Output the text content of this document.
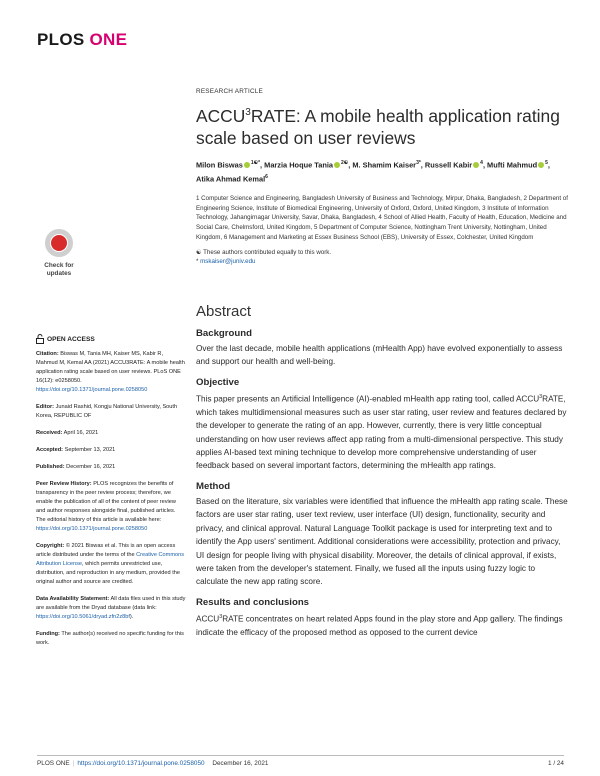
PLOS ONE
RESEARCH ARTICLE
ACCU$^3$RATE: A mobile health application rating scale based on user reviews
Milon Biswas $^{1☯*}$, Marzia Hoque Tania $^{2☯}$, M. Shamim Kaiser$^{3*}$, Russell Kabir $^4$, Mufti Mahmud $^5$, Atika Ahmad Kemal$^6$
1 Computer Science and Engineering, Bangladesh University of Business and Technology, Mirpur, Dhaka, Bangladesh, 2 Department of Engineering Science, Institute of Biomedical Engineering, University of Oxford, Oxford, United Kingdom, 3 Institute of Information Technology, Jahangirnagar University, Savar, Dhaka, Bangladesh, 4 School of Allied Health, Faculty of Health, Education, Medicine and Social Care, Chelmsford, United Kingdom, 5 Department of Computer Science, Nottingham Trent University, Nottingham, United Kingdom, 6 Management and Marketing at Essex Business School (EBS), University of Essex, Colchester, United Kingdom
☯ These authors contributed equally to this work.
* mskaiser@juniv.edu
Abstract
Background

Over the last decade, mobile health applications (mHealth App) have evolved exponentially to assess and support our health and well-being.

Objective

This paper presents an Artificial Intelligence (AI)-enabled mHealth app rating tool, called ACCU$^3$RATE, which takes multidimensional measures such as user star rating, user review and features declared by the developer to generate the rating of an app. However, currently, there is very little conceptual understanding on how user reviews affect app rating from a multi-dimensional perspective. This study applies AI-based text mining technique to develop more comprehensive understanding of user feedback based on several important factors, determining the mHealth app ratings.

Method

Based on the literature, six variables were identified that influence the mHealth app rating scale. These factors are user star rating, user text review, user interface (UI) design, functionality, security and privacy, and clinical approval. Natural Language Toolkit package is used for interpreting text and to identify the App users' sentiment. Additional considerations were accessibility, protection and privacy, UI design for people living with physical disability. Moreover, the details of clinical approval, if exists, were taken from the developer's statement. Finally, we fused all the inputs using fuzzy logic to calculate the new app rating score.

Results and conclusions

ACCU$^3$RATE concentrates on heart related Apps found in the play store and App gallery. The findings indicate the efficacy of the proposed method as opposed to the current device

Check for updates
OPEN ACCESS

Citation: Biswas M, Tania MH, Kaiser MS, Kabir R, Mahmud M, Kemal AA (2021) ACCU3RATE: A mobile health application rating scale based on user reviews. PLoS ONE 16(12): e0258050. https://doi.org/10.1371/journal.pone.0258050

Editor: Junaid Rashid, Kongju National University, South Korea, REPUBLIC OF

Received: April 16, 2021

Accepted: September 13, 2021

Published: December 16, 2021

Peer Review History: PLOS recognizes the benefits of transparency in the peer review process; therefore, we enable the publication of all of the content of peer review and author responses alongside final, published articles. The editorial history of this article is available here: https://doi.org/10.1371/journal.pone.0258050

Copyright: © 2021 Biswas et al. This is an open access article distributed under the terms of the Creative Commons Attribution License, which permits unrestricted use, distribution, and reproduction in any medium, provided the original author and source are credited.

Data Availability Statement: All data files used in this study are available from the Dryad database (data link: https://doi.org/10.5061/dryad.zfn2z8bf).

Funding: The author(s) received no specific funding for this work.

PLOS ONE | https://doi.org/10.1371/journal.pone.0258050 December 16, 2021	1 / 24
